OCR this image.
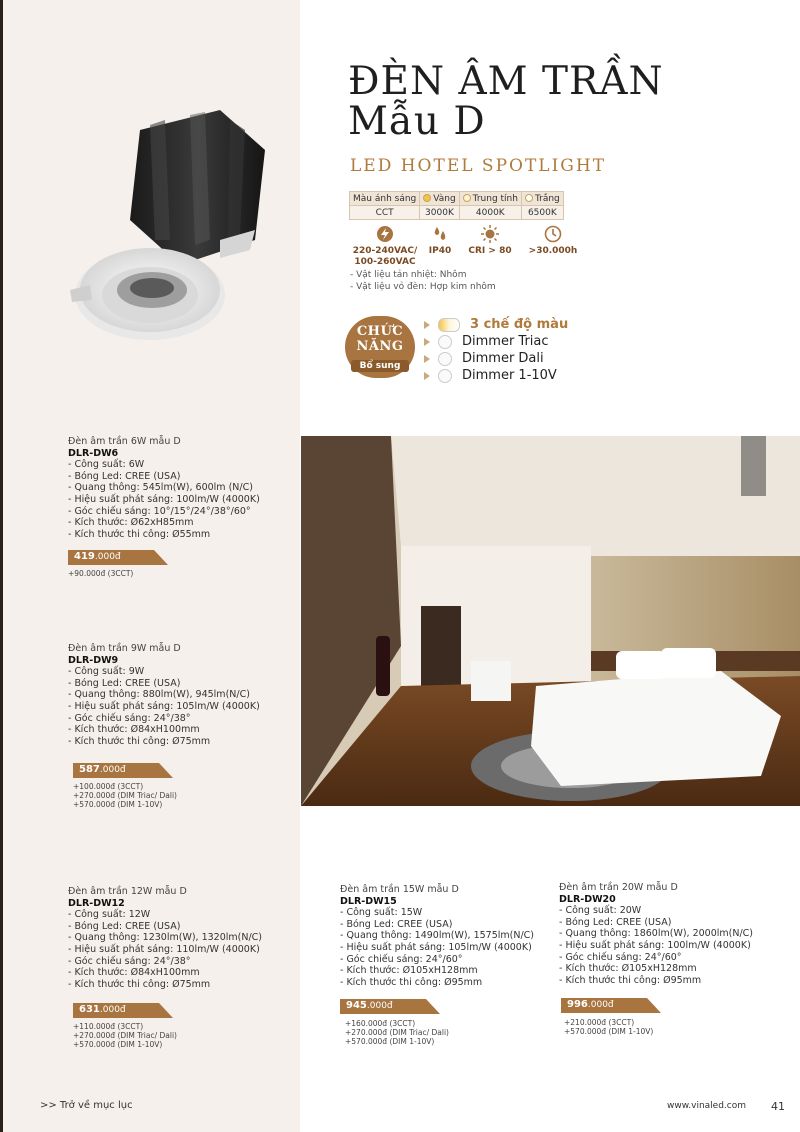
ĐÈN ÂM TRẦN
Mẫu D
LED HOTEL SPOTLIGHT
Màu ánh sáng	Vàng	Trung tính	Trắng
CCT	3000K	4000K	6500K
220-240VAC/
100-260VAC
IP40	CRI > 80 >30.000h
- Vật liệu tản nhiệt: Nhôm
- Vật liệu vỏ đèn: Hợp kim nhôm
CHỨC
NĂNG
Bổ sung
3 chế độ màu
Dimmer Triac
Dimmer Dali
Dimmer 1-10V
Đèn âm trần 6W mẫu D
DLR-DW6
- Công suất: 6W
- Bóng Led: CREE (USA)
- Quang thông: 545lm(W), 600lm (N/C)
- Hiệu suất phát sáng: 100lm/W (4000K)
- Góc chiếu sáng: 10°/15°/24°/38°/60°
- Kích thước: Ø62xH85mm
- Kích thước thi công: Ø55mm
419.000đ
+90.000đ (3CCT)
Đèn âm trần 9W mẫu D
DLR-DW9
- Công suất: 9W
- Bóng Led: CREE (USA)
- Quang thông: 880lm(W), 945lm(N/C)
- Hiệu suất phát sáng: 105lm/W (4000K)
- Góc chiếu sáng: 24°/38°
- Kích thước: Ø84xH100mm
- Kích thước thi công: Ø75mm
587.000đ
+100.000đ (3CCT)
+270.000đ (DIM Triac/ Dali)
+570.000đ (DIM 1-10V)
Đèn âm trần 12W mẫu D
DLR-DW12
- Công suất: 12W
- Bóng Led: CREE (USA)
- Quang thông: 1230lm(W), 1320lm(N/C)
- Hiệu suất phát sáng: 110lm/W (4000K)
- Góc chiếu sáng: 24°/38°
- Kích thước: Ø84xH100mm
- Kích thước thi công: Ø75mm
631.000đ
+110.000đ (3CCT)
+270.000đ (DIM Triac/ Dali)
+570.000đ (DIM 1-10V)
Đèn âm trần 15W mẫu D
DLR-DW15
- Công suất: 15W
- Bóng Led: CREE (USA)
- Quang thông: 1490lm(W), 1575lm(N/C)
- Hiệu suất phát sáng: 105lm/W (4000K)
- Góc chiếu sáng: 24°/60°
- Kích thước: Ø105xH128mm
- Kích thước thi công: Ø95mm
945.000đ
+160.000đ (3CCT)
+270.000đ (DIM Triac/ Dali)
+570.000đ (DIM 1-10V)
Đèn âm trần 20W mẫu D
DLR-DW20
- Công suất: 20W
- Bóng Led: CREE (USA)
- Quang thông: 1860lm(W), 2000lm(N/C)
- Hiệu suất phát sáng: 100lm/W (4000K)
- Góc chiếu sáng: 24°/60°
- Kích thước: Ø105xH128mm
- Kích thước thi công: Ø95mm
996.000đ
+210.000đ (3CCT)
+570.000đ (DIM 1-10V)
>> Trở về mục lục	www.vinaled.com 41
